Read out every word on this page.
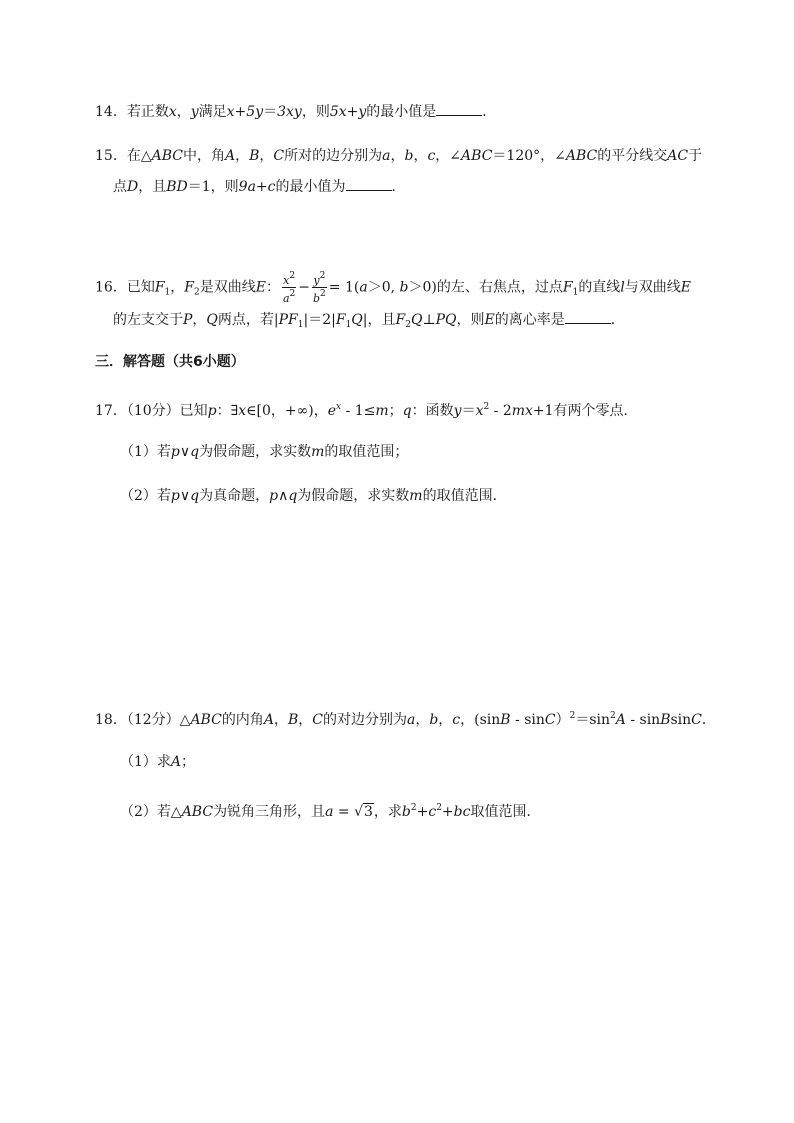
14．若正数x，y满足x+5y＝3xy，则5x+y的最小值是	．
15．在△ABC中，角A，B，C所对的边分别为a，b，c，∠ABC＝120°，∠ABC的平分线交AC于
点D，且BD＝1，则9a+c的最小值为	．
16．已知$F_1$，$F_2$是双曲线E： $\frac{x^2}{a^2} - \frac{y^2}{b^2} = 1(a>0$, b＞0)的左、右焦点，过点$F_1$的直线l与双曲线E
的左支交于P，Q两点，若$|PF_1|=2|F_1Q|$，且$F_2Q\perp PQ$，则E的离心率是	．
三．解答题（共6小题）
17．（10分）已知p：∃x∈[0，+∞)，$e^x - 1\le m$；q：函数$y=x^2 - 2mx+1$有两个零点．
（1）若p∨q为假命题，求实数m的取值范围；
（2）若p∨q为真命题，p∧q为假命题，求实数m的取值范围．
18．（12分）△ABC的内角A，B，C的对边分别为a，b，c，$(\sin B - \sin C)^2=\sin^2A$ - sinBsinC．
（1）求A；
（2）若△ABC为锐角三角形，且a = √3，求$b^2+c^2+bc$取值范围．
